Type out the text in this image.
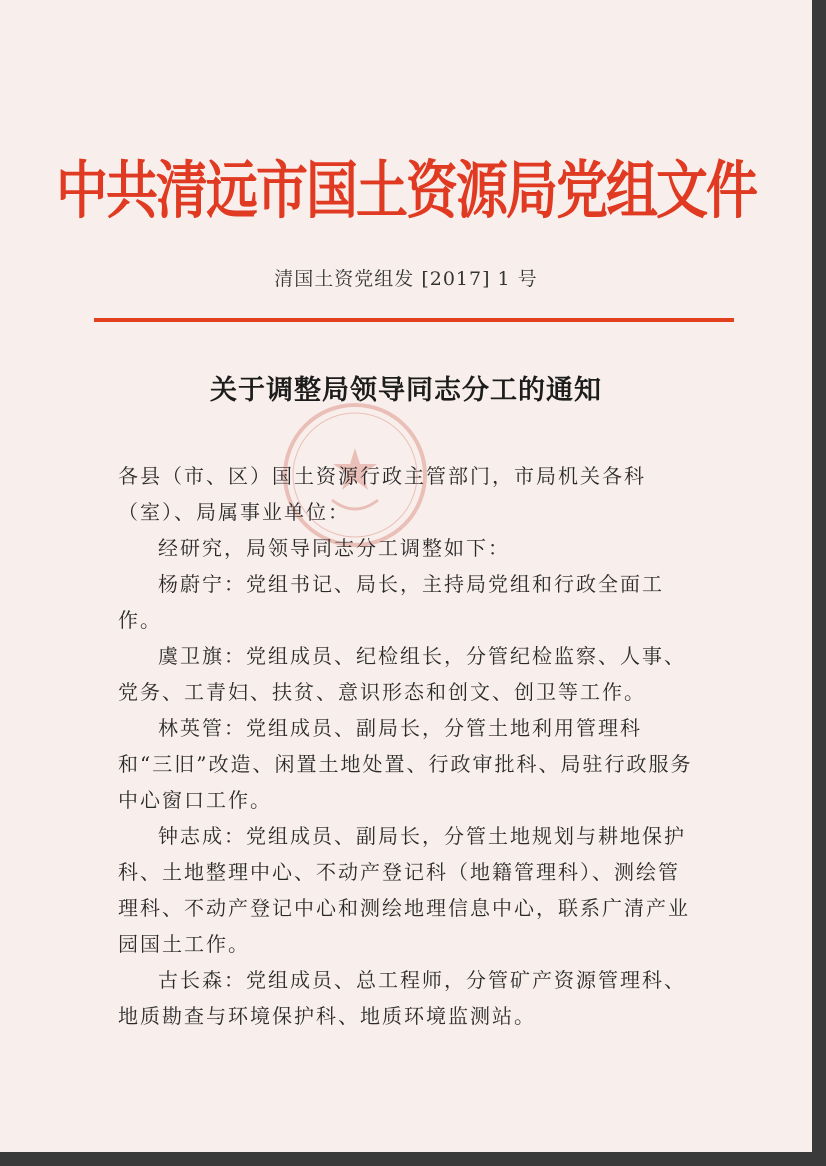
中共清远市国土资源局党组文件
清国土资党组发 [2017] 1 号
关于调整局领导同志分工的通知

各县（市、区）国土资源行政主管部门，市局机关各科（室）、局属事业单位：

经研究，局领导同志分工调整如下：

杨蔚宁：党组书记、局长，主持局党组和行政全面工作。

虞卫旗：党组成员、纪检组长，分管纪检监察、人事、党务、工青妇、扶贫、意识形态和创文、创卫等工作。

林英管：党组成员、副局长，分管土地利用管理科和“三旧”改造、闲置土地处置、行政审批科、局驻行政服务中心窗口工作。

钟志成：党组成员、副局长，分管土地规划与耕地保护科、土地整理中心、不动产登记科（地籍管理科）、测绘管理科、不动产登记中心和测绘地理信息中心，联系广清产业园国土工作。

古长森：党组成员、总工程师，分管矿产资源管理科、地质勘查与环境保护科、地质环境监测站。
